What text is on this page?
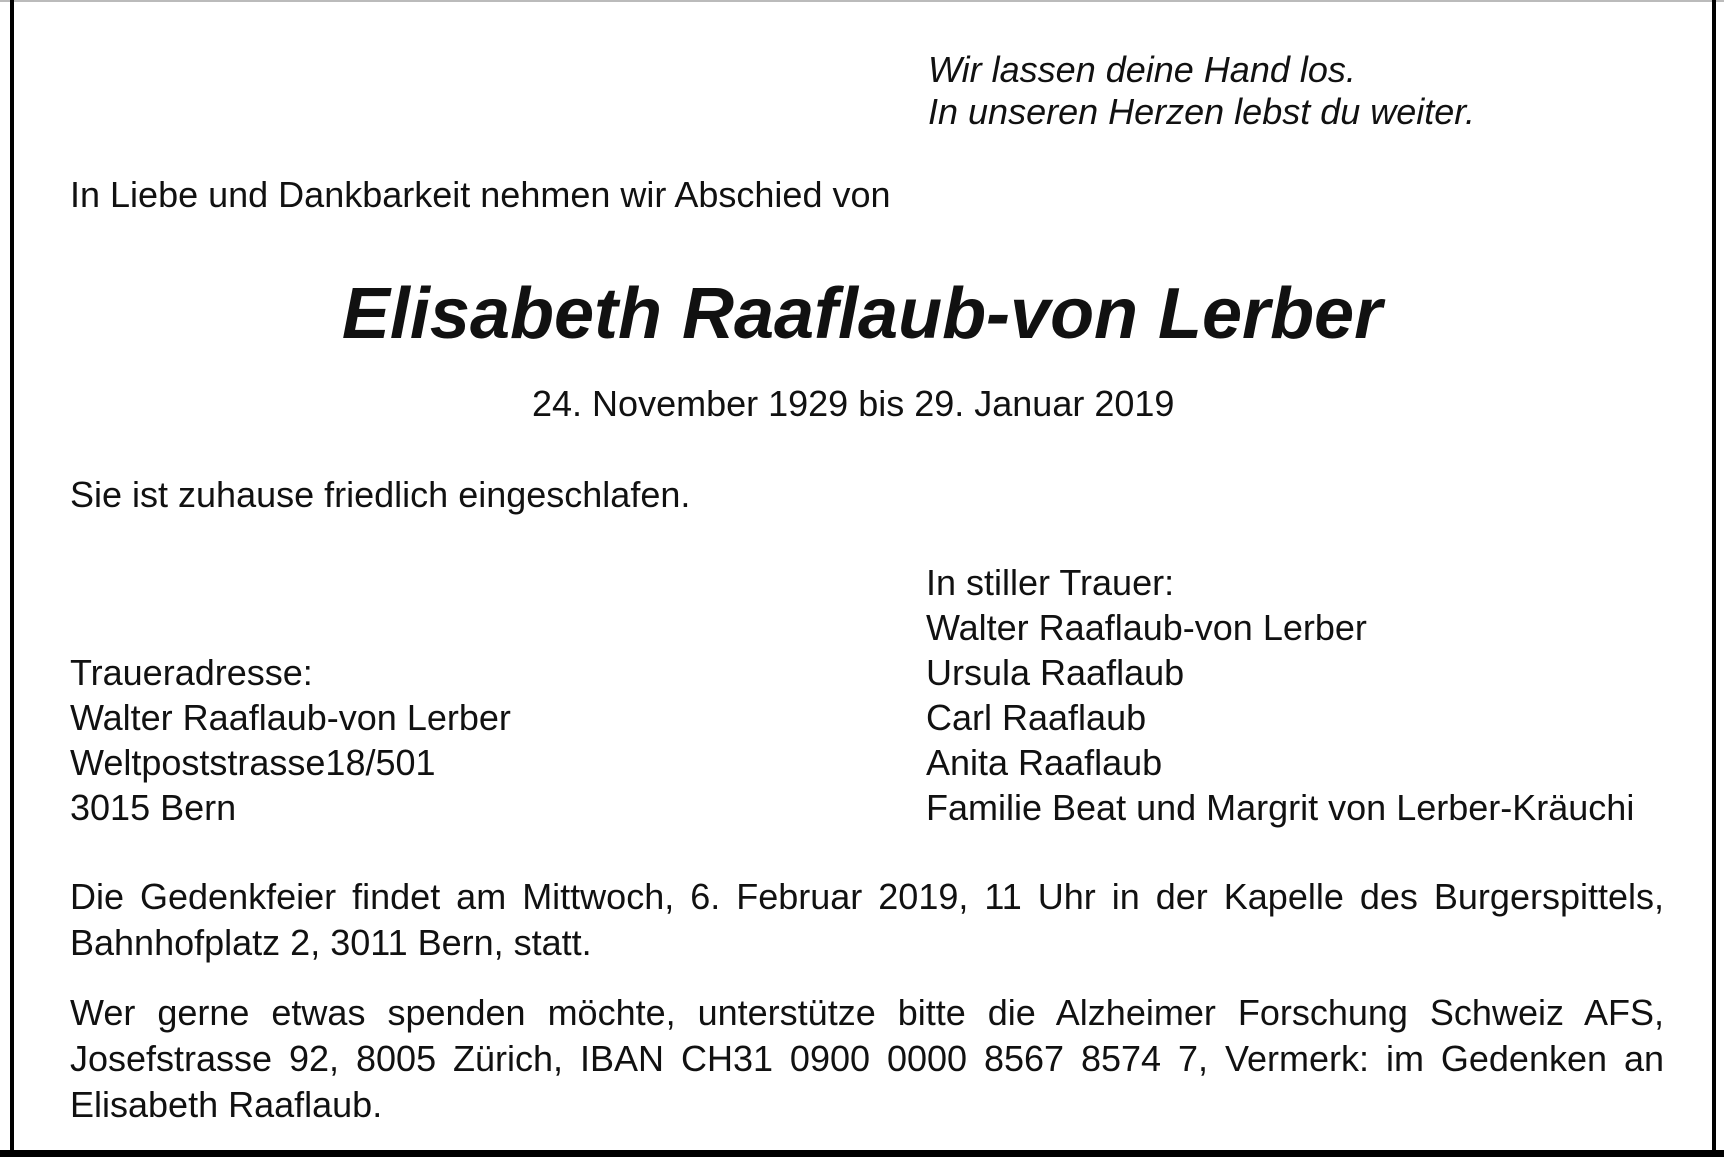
Wir lassen deine Hand los.
In unseren Herzen lebst du weiter.
In Liebe und Dankbarkeit nehmen wir Abschied von
Elisabeth Raaflaub-von Lerber
24. November 1929 bis 29. Januar 2019
Sie ist zuhause friedlich eingeschlafen.
In stiller Trauer:
Walter Raaflaub-von Lerber
Ursula Raaflaub
Carl Raaflaub
Anita Raaflaub
Familie Beat und Margrit von Lerber-Kräuchi
Traueradresse:
Walter Raaflaub-von Lerber
Weltpoststrasse18/501
3015 Bern
Die Gedenkfeier findet am Mittwoch, 6. Februar 2019, 11 Uhr in der Kapelle des Burgerspittels, Bahnhofplatz 2, 3011 Bern, statt.
Wer gerne etwas spenden möchte, unterstütze bitte die Alzheimer Forschung Schweiz AFS, Josefstrasse 92, 8005 Zürich, IBAN CH31 0900 0000 8567 8574 7, Vermerk: im Gedenken an Elisabeth Raaflaub.
